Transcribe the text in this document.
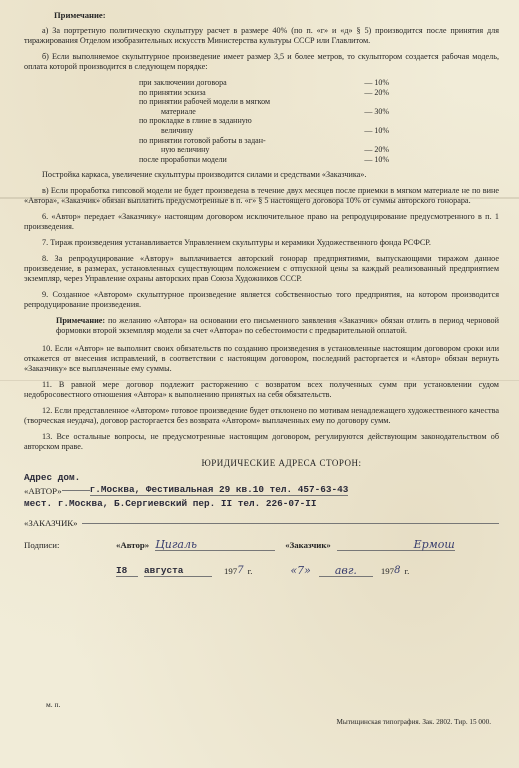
Примечание:

а) За портретную политическую скульптуру расчет в размере 40% (по п. «г» и «д» § 5) производится после принятия для тиражирования Отделом изобразительных искусств Министерства культуры СССР или Главлитом.

б) Если выполняемое скульптурное произведение имеет размер 3,5 и более метров, то скульптором создается рабочая модель, оплата которой производится в следующем порядке:

при заключении договора	— 10%
по принятии эскиза	— 20%
по принятии рабочей модели в мягком
материале	— 30%
по прокладке в глине в заданную
величину	— 10%
по принятии готовой работы в задан-
ную величину	— 20%
после проработки модели	— 10%

Постройка каркаса, увеличение скульптуры производится силами и средствами «Заказчика».

в) Если проработка гипсовой модели не будет произведена в течение двух месяцев после приемки в мягком материале не по вине «Автора», «Заказчик» обязан выплатить предусмотренные в п. «г» § 5 настоящего договора 10% от суммы авторского гонорара.

6. «Автор» передает «Заказчику» настоящим договором исключительное право на репродуцирование предусмотренного в п. 1 произведения.

7. Тираж произведения устанавливается Управлением скульптуры и керамики Художественного фонда РСФСР.

8. За репродуцирование «Автору» выплачивается авторский гонорар предприятиями, выпускающими тиражом данное произведение, в размерах, установленных существующим положением с отпускной цены за каждый реализованный предприятием экземпляр, через Управление охраны авторских прав Союза Художников СССР.

9. Созданное «Автором» скульптурное произведение является собственностью того предприятия, на котором производится репродуцирование произведения.

Примечание: по желанию «Автора» на основании его письменного заявления «Заказчик» обязан отлить в период черновой формовки второй экземпляр модели за счет «Автора» по себестоимости с предварительной оплатой.

10. Если «Автор» не выполнит своих обязательств по созданию произведения в установленные настоящим договором сроки или откажется от внесения исправлений, в соответствии с настоящим договором, последний расторгается и «Автор» обязан вернуть «Заказчику» все выплаченные ему суммы.

11. В равной мере договор подлежит расторжению с возвратом всех полученных сумм при установлении судом недобросовестного отношения «Автора» к выполнению принятых на себя обязательств.

12. Если представленное «Автором» готовое произведение будет отклонено по мотивам ненадлежащего художественного качества (творческая неудача), договор расторгается без возврата «Автором» выплаченных ему по договору сумм.

13. Все остальные вопросы, не предусмотренные настоящим договором, регулируются действующим законодательством об авторском праве.

ЮРИДИЧЕСКИЕ АДРЕСА СТОРОН:
Адрес дом.
«АВТОР»	г.Москва, Фестивальная 29 кв.10 тел. 457-63-43
мест. г.Москва, Б.Сергиевский пер. II тел. 226-07-II
«ЗАКАЗЧИК»
Подписи:	«Автор» Цигаль	«Заказчик»	Ермош
I8	августа	197 7 г.	«7»	авг.	197 8 г.
м. п.
Мытищинская типография. Зак. 2802. Тир. 15 000.
